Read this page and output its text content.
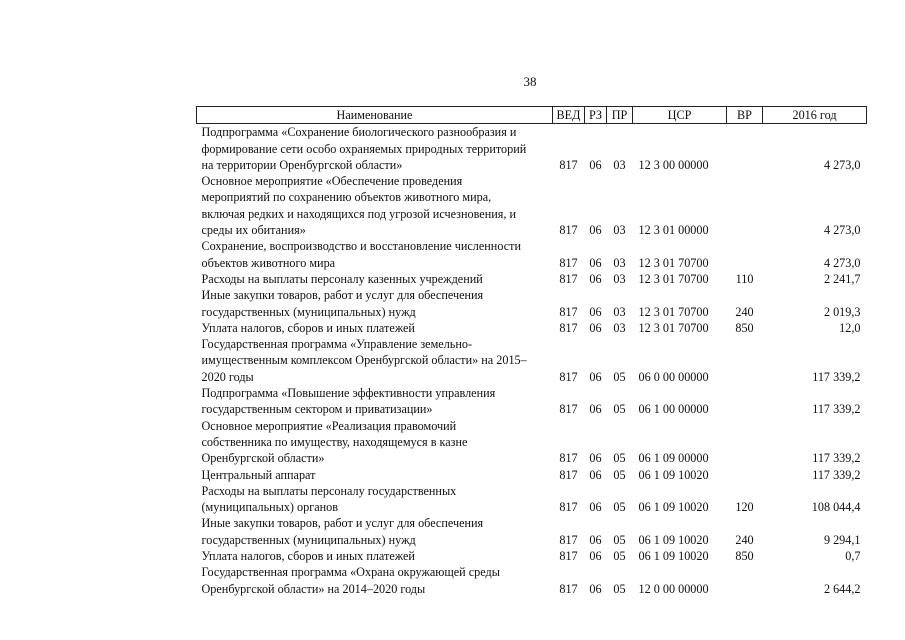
38
Наименование	ВЕД	РЗ	ПР	ЦСР	ВР	2016 год

Подпрограмма «Сохранение биологического разнообразия и
формирование сети особо охраняемых природных территорий
на территории Оренбургской области»	817	06	03	12 3 00 00000		4 273,0

Основное мероприятие «Обеспечение проведения
мероприятий по сохранению объектов животного мира,
включая редких и находящихся под угрозой исчезновения, и
среды их обитания»	817	06	03	12 3 01 00000		4 273,0

Сохранение, воспроизводство и восстановление численности
объектов животного мира	817	06	03	12 3 01 70700		4 273,0

Расходы на выплаты персоналу казенных учреждений	817	06	03	12 3 01 70700	110	2 241,7

Иные закупки товаров, работ и услуг для обеспечения
государственных (муниципальных) нужд	817	06	03	12 3 01 70700	240	2 019,3

Уплата налогов, сборов и иных платежей	817	06	03	12 3 01 70700	850	12,0

Государственная программа «Управление земельно-
имущественным комплексом Оренбургской области» на 2015–
2020 годы	817	06	05	06 0 00 00000		117 339,2

Подпрограмма «Повышение эффективности управления
государственным сектором и приватизации»	817	06	05	06 1 00 00000		117 339,2

Основное мероприятие «Реализация правомочий
собственника по имуществу, находящемуся в казне
Оренбургской области»	817	06	05	06 1 09 00000		117 339,2

Центральный аппарат	817	06	05	06 1 09 10020		117 339,2

Расходы на выплаты персоналу государственных
(муниципальных) органов	817	06	05	06 1 09 10020	120	108 044,4

Иные закупки товаров, работ и услуг для обеспечения
государственных (муниципальных) нужд	817	06	05	06 1 09 10020	240	9 294,1

Уплата налогов, сборов и иных платежей	817	06	05	06 1 09 10020	850	0,7

Государственная программа «Охрана окружающей среды
Оренбургской области» на 2014–2020 годы	817	06	05	12 0 00 00000		2 644,2
